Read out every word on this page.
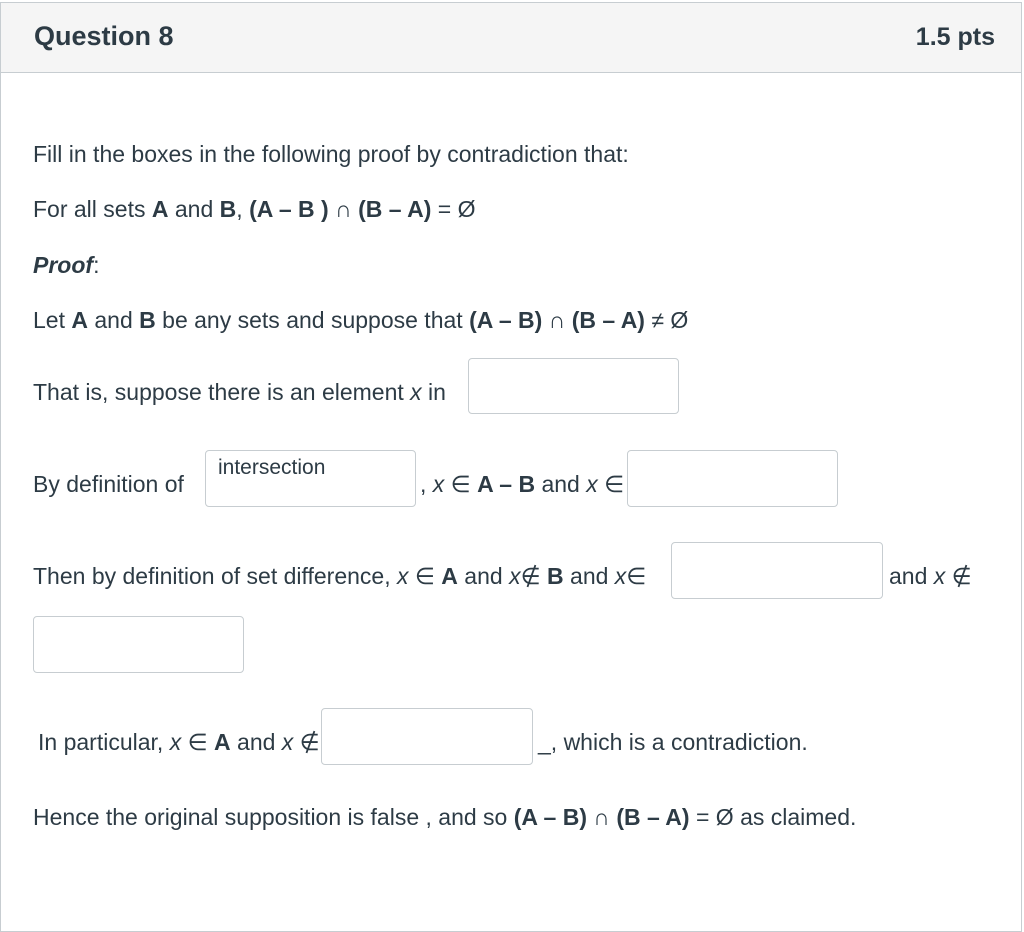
Question 8	1.5 pts
Fill in the boxes in the following proof by contradiction that:
For all sets A and B, (A – B ) ∩ (B – A) = Ø
Proof:
Let A and B be any sets and suppose that (A – B) ∩ (B – A) ≠ Ø
That is, suppose there is an element x in
By definition of
intersection	, x ∈ A – B and x ∈
Then by definition of set difference, x ∈ A and x∉ B and x∈	and x ∉
In particular, x ∈ A and x ∉	_, which is a contradiction.
Hence the original supposition is false , and so (A – B) ∩ (B – A) = Ø as claimed.
